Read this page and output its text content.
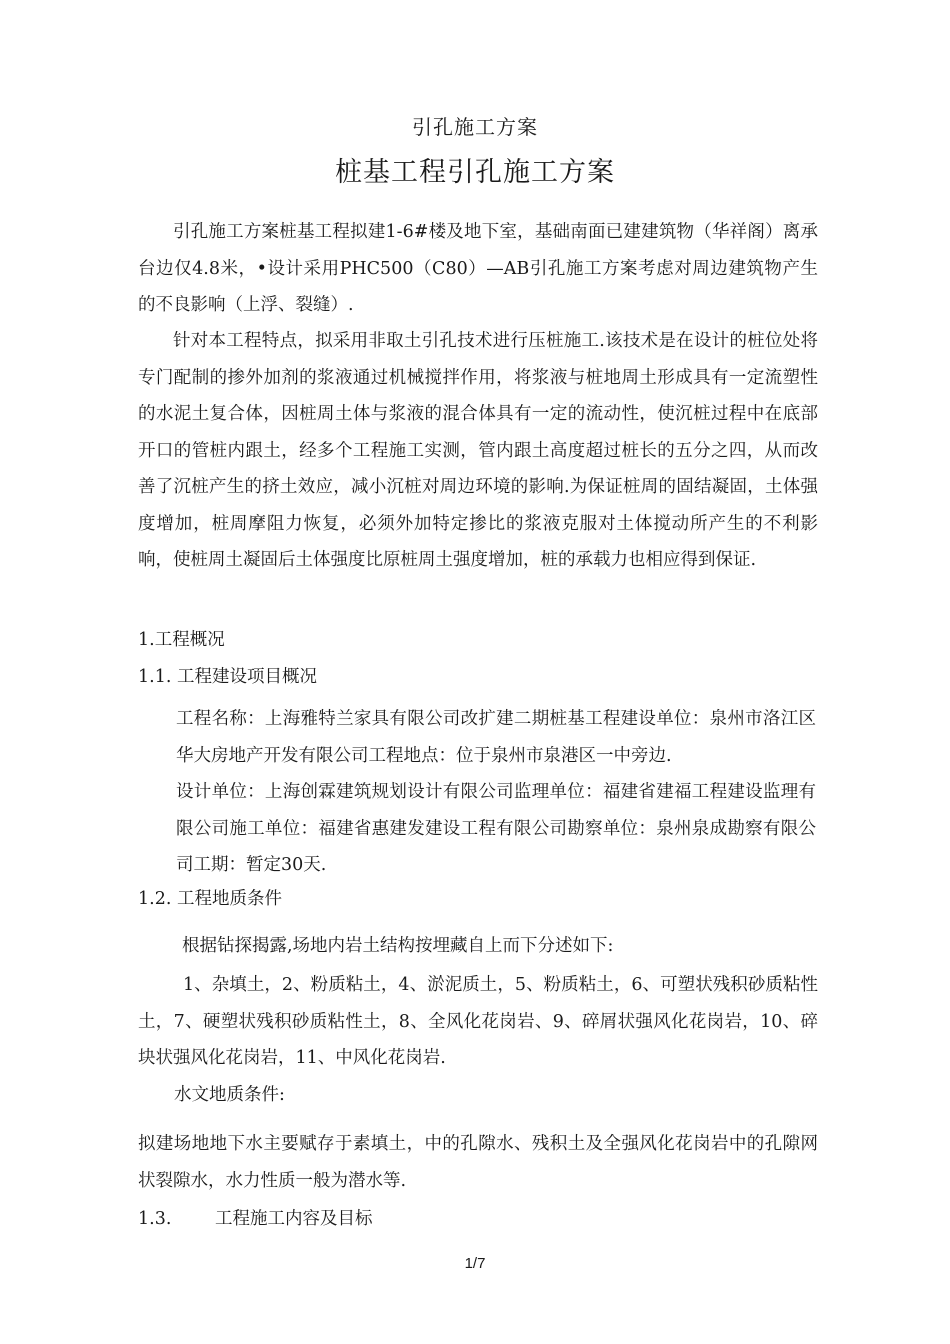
引孔施工方案
桩基工程引孔施工方案

引孔施工方案桩基工程拟建1-6#楼及地下室，基础南面已建建筑物（华祥阁）离承台边仅4.8米，•设计采用PHC500（C80）—AB引孔施工方案考虑对周边建筑物产生的不良影响（上浮、裂缝）.

针对本工程特点，拟采用非取土引孔技术进行压桩施工.该技术是在设计的桩位处将专门配制的掺外加剂的浆液通过机械搅拌作用，将浆液与桩地周土形成具有一定流塑性的水泥土复合体，因桩周土体与浆液的混合体具有一定的流动性，使沉桩过程中在底部开口的管桩内跟土，经多个工程施工实测，管内跟土高度超过桩长的五分之四，从而改善了沉桩产生的挤土效应，减小沉桩对周边环境的影响.为保证桩周的固结凝固，土体强度增加，桩周摩阻力恢复，必须外加特定掺比的浆液克服对土体搅动所产生的不利影响，使桩周土凝固后土体强度比原桩周土强度增加，桩的承载力也相应得到保证.

1.工程概况
1.1. 工程建设项目概况

工程名称：上海雅特兰家具有限公司改扩建二期桩基工程建设单位：泉州市洛江区华大房地产开发有限公司工程地点：位于泉州市泉港区一中旁边.

设计单位：上海创霖建筑规划设计有限公司监理单位：福建省建福工程建设监理有限公司施工单位：福建省惠建发建设工程有限公司勘察单位：泉州泉成勘察有限公司工期：暂定30天.

1.2. 工程地质条件
根据钻探揭露,场地内岩土结构按埋藏自上而下分述如下:

1、杂填土，2、粉质粘土，4、淤泥质土，5、粉质粘土，6、可塑状残积砂质粘性土，7、硬塑状残积砂质粘性土，8、全风化花岗岩、9、碎屑状强风化花岗岩，10、碎块状强风化花岗岩，11、中风化花岗岩.

水文地质条件:

拟建场地地下水主要赋存于素填土，中的孔隙水、残积土及全强风化花岗岩中的孔隙网状裂隙水，水力性质一般为潜水等.

1.3. 工程施工内容及目标
1/7
